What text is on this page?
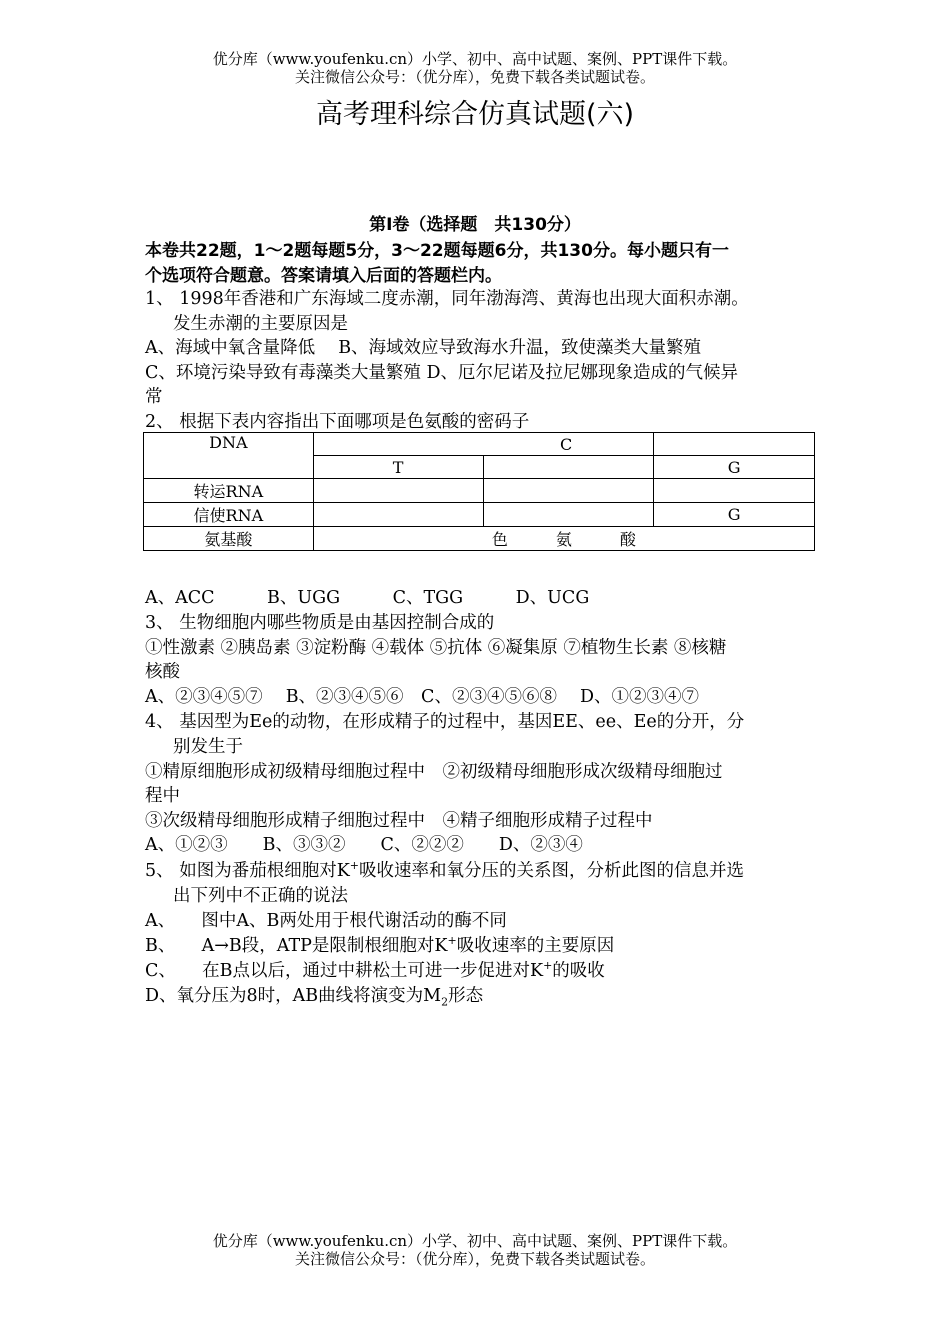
优分库（www.youfenku.cn）小学、初中、高中试题、案例、PPT课件下载。
关注微信公众号：（优分库），免费下载各类试题试卷。
高考理科综合仿真试题(六)
第Ⅰ卷（选择题　共130分）
本卷共22题，1～2题每题5分，3～22题每题6分，共130分。每小题只有一
个选项符合题意。答案请填入后面的答题栏内。
1、 1998年香港和广东海域二度赤潮，同年渤海湾、黄海也出现大面积赤潮。
发生赤潮的主要原因是
A、海域中氧含量降低　 B、海域效应导致海水升温，致使藻类大量繁殖
C、环境污染导致有毒藻类大量繁殖 D、厄尔尼诺及拉尼娜现象造成的气候异
常
2、 根据下表内容指出下面哪项是色氨酸的密码子
DNA		C	
	T		G
转运RNA			
信使RNA			G
氨基酸	色　　　氨　　　酸		
A、ACC　　　B、UGG　　　C、TGG　　　D、UCG
3、 生物细胞内哪些物质是由基因控制合成的
①性激素 ②胰岛素 ③淀粉酶 ④载体 ⑤抗体 ⑥凝集原 ⑦植物生长素 ⑧核糖
核酸
A、②③④⑤⑦　 B、②③④⑤⑥　C、②③④⑤⑥⑧　 D、①②③④⑦
4、 基因型为Ee的动物，在形成精子的过程中，基因EE、ee、Ee的分开，分
别发生于
①精原细胞形成初级精母细胞过程中　②初级精母细胞形成次级精母细胞过
程中
③次级精母细胞形成精子细胞过程中　④精子细胞形成精子过程中
A、①②③　　B、③③②　　C、②②②　　D、②③④
5、 如图为番茄根细胞对K+吸收速率和氧分压的关系图，分析此图的信息并选
出下列中不正确的说法
A、　　图中A、B两处用于根代谢活动的酶不同
B、　　A→B段，ATP是限制根细胞对K+吸收速率的主要原因
C、　　在B点以后，通过中耕松土可进一步促进对K+的吸收
D、氧分压为8时，AB曲线将演变为$M_2$形态
优分库（www.youfenku.cn）小学、初中、高中试题、案例、PPT课件下载。
关注微信公众号：（优分库），免费下载各类试题试卷。
